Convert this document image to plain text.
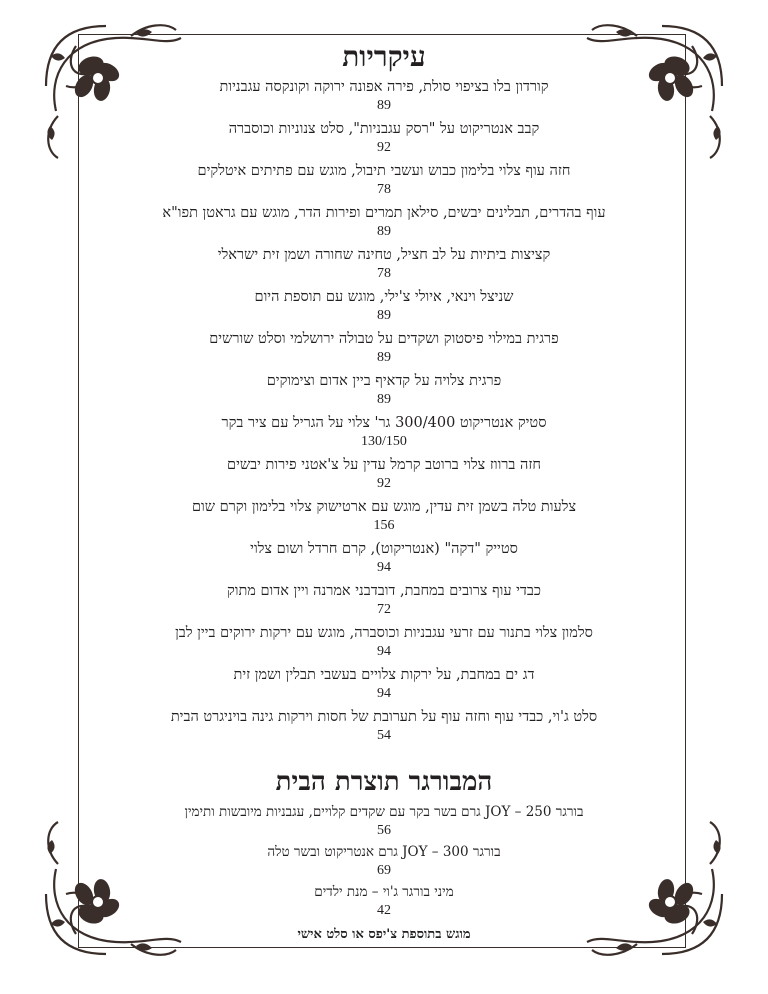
עיקריות
קורדון בלו בציפוי סולת, פירה אפונה ירוקה וקונקסה עגבניות
89
קבב אנטריקוט על "רסק עגבניות", סלט צנוניות וכוסברה
92
חזה עוף צלוי בלימון כבוש ועשבי תיבול, מוגש עם פתיתים איטלקים
78
עוף בהדרים, תבלינים יבשים, סילאן תמרים ופירות הדר, מוגש עם גראטן תפו"א
89
קציצות ביתיות על לב חציל, טחינה שחורה ושמן זית ישראלי
78
שניצל וינאי, איולי צ'ילי, מוגש עם תוספת היום
89
פרגית במילוי פיסטוק ושקדים על טבולה ירושלמי וסלט שורשים
89
פרגית צלויה על קדאיף ביין אדום וצימוקים
89
סטיק אנטריקוט 300/400 גר' צלוי על הגריל עם ציר בקר
130/150
חזה ברווז צלוי ברוטב קרמל עדין על צ'אטני פירות יבשים
92
צלעות טלה בשמן זית עדין, מוגש עם ארטישוק צלוי בלימון וקרם שום
156
סטייק "דקה" (אנטריקוט), קרם חרדל ושום צלוי
94
כבדי עוף צרובים במחבת, דובדבני אמרנה ויין אדום מתוק
72
סלמון צלוי בתנור עם זרעי עגבניות וכוסברה, מוגש עם ירקות ירוקים ביין לבן
94
דג ים במחבת, על ירקות צלויים בעשבי תבלין ושמן זית
94
סלט ג'וי, כבדי עוף וחזה עוף על תערובת של חסות וירקות גינה בויניגרט הבית
54
המבורגר תוצרת הבית
בורגר JOY – 250 גרם בשר בקר עם שקדים קלויים, עגבניות מיובשות ותימין
56
בורגר JOY – 300 גרם אנטריקוט ובשר טלה
69
מיני בורגר ג'וי – מנת ילדים
42
מוגש בתוספת צ'יפס או סלט אישי
